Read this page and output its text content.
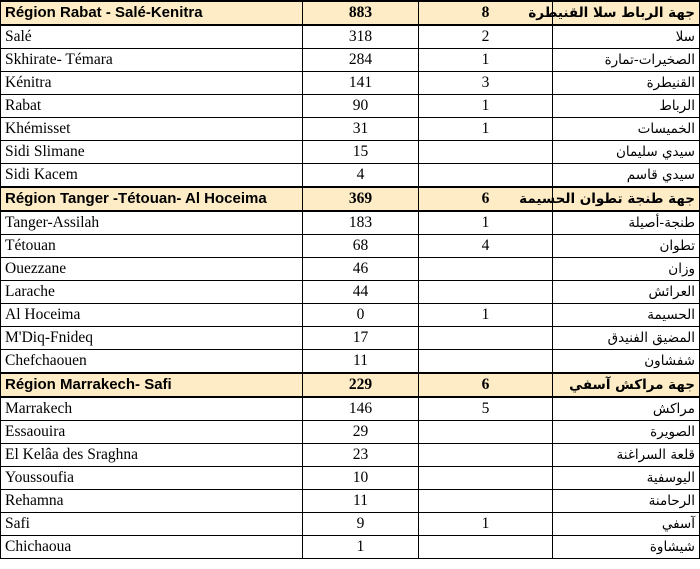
Région Rabat - Salé-Kenitra	883	8	جهة الرباط سلا القنيطرة
Salé	318	2	سلا
Skhirate- Témara	284	1	الصخيرات-تمارة
Kénitra	141	3	القنيطرة
Rabat	90	1	الرباط
Khémisset	31	1	الخميسات
Sidi Slimane	15		سيدي سليمان
Sidi Kacem	4		سيدي قاسم
Région Tanger -Tétouan- Al Hoceima	369	6	جهة طنجة تطوان الحسيمة
Tanger-Assilah	183	1	طنجة-أصيلة
Tétouan	68	4	تطوان
Ouezzane	46		وزان
Larache	44		العرائش
Al Hoceima	0	1	الحسيمة
M'Diq-Fnideq	17		المضيق الفنيدق
Chefchaouen	11		شفشاون
Région Marrakech- Safi	229	6	جهة مراكش آسفي
Marrakech	146	5	مراكش
Essaouira	29		الصويرة
El Kelâa des Sraghna	23		قلعة السراغنة
Youssoufia	10		اليوسفية
Rehamna	11		الرحامنة
Safi	9	1	آسفي
Chichaoua	1		شيشاوة
